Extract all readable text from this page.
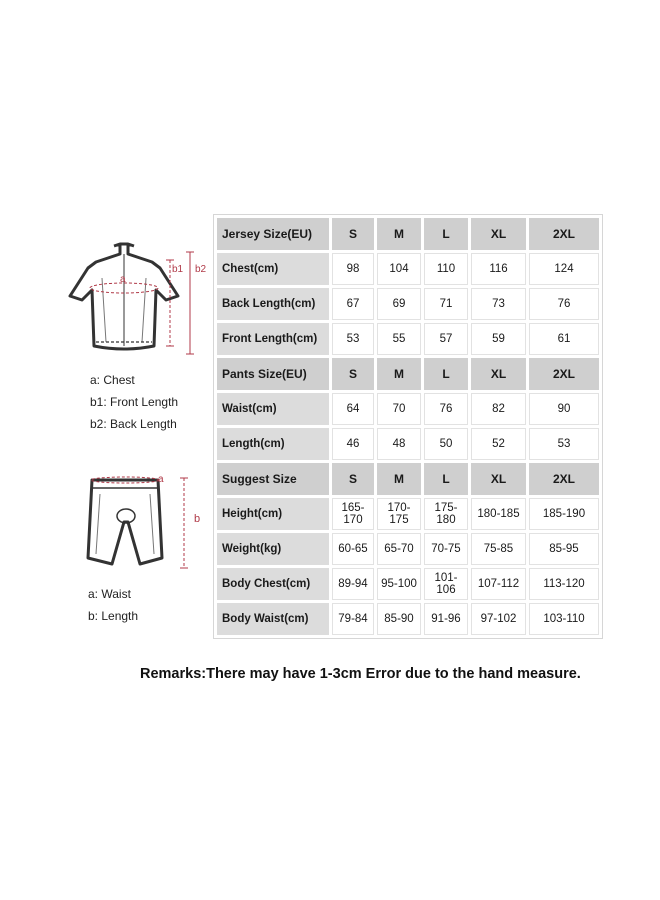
a
b1 b2
a: Chest
b1: Front Length
b2: Back Length
a
b
a: Waist
b: Length
Jersey Size(EU)	S	M	L	XL	2XL
Chest(cm)	98	104	110	116	124
Back Length(cm)	67	69	71	73	76
Front Length(cm)	53	55	57	59	61
Pants Size(EU)	S	M	L	XL	2XL
Waist(cm)	64	70	76	82	90
Length(cm)	46	48	50	52	53
Suggest Size	S	M	L	XL	2XL
Height(cm)	165-170	170-175	175-180	180-185	185-190
Weight(kg)	60-65	65-70	70-75	75-85	85-95
Body Chest(cm)	89-94	95-100	101-106	107-112	113-120
Body Waist(cm)	79-84	85-90	91-96	97-102	103-110
Remarks:There may have 1-3cm Error due to the hand measure.
